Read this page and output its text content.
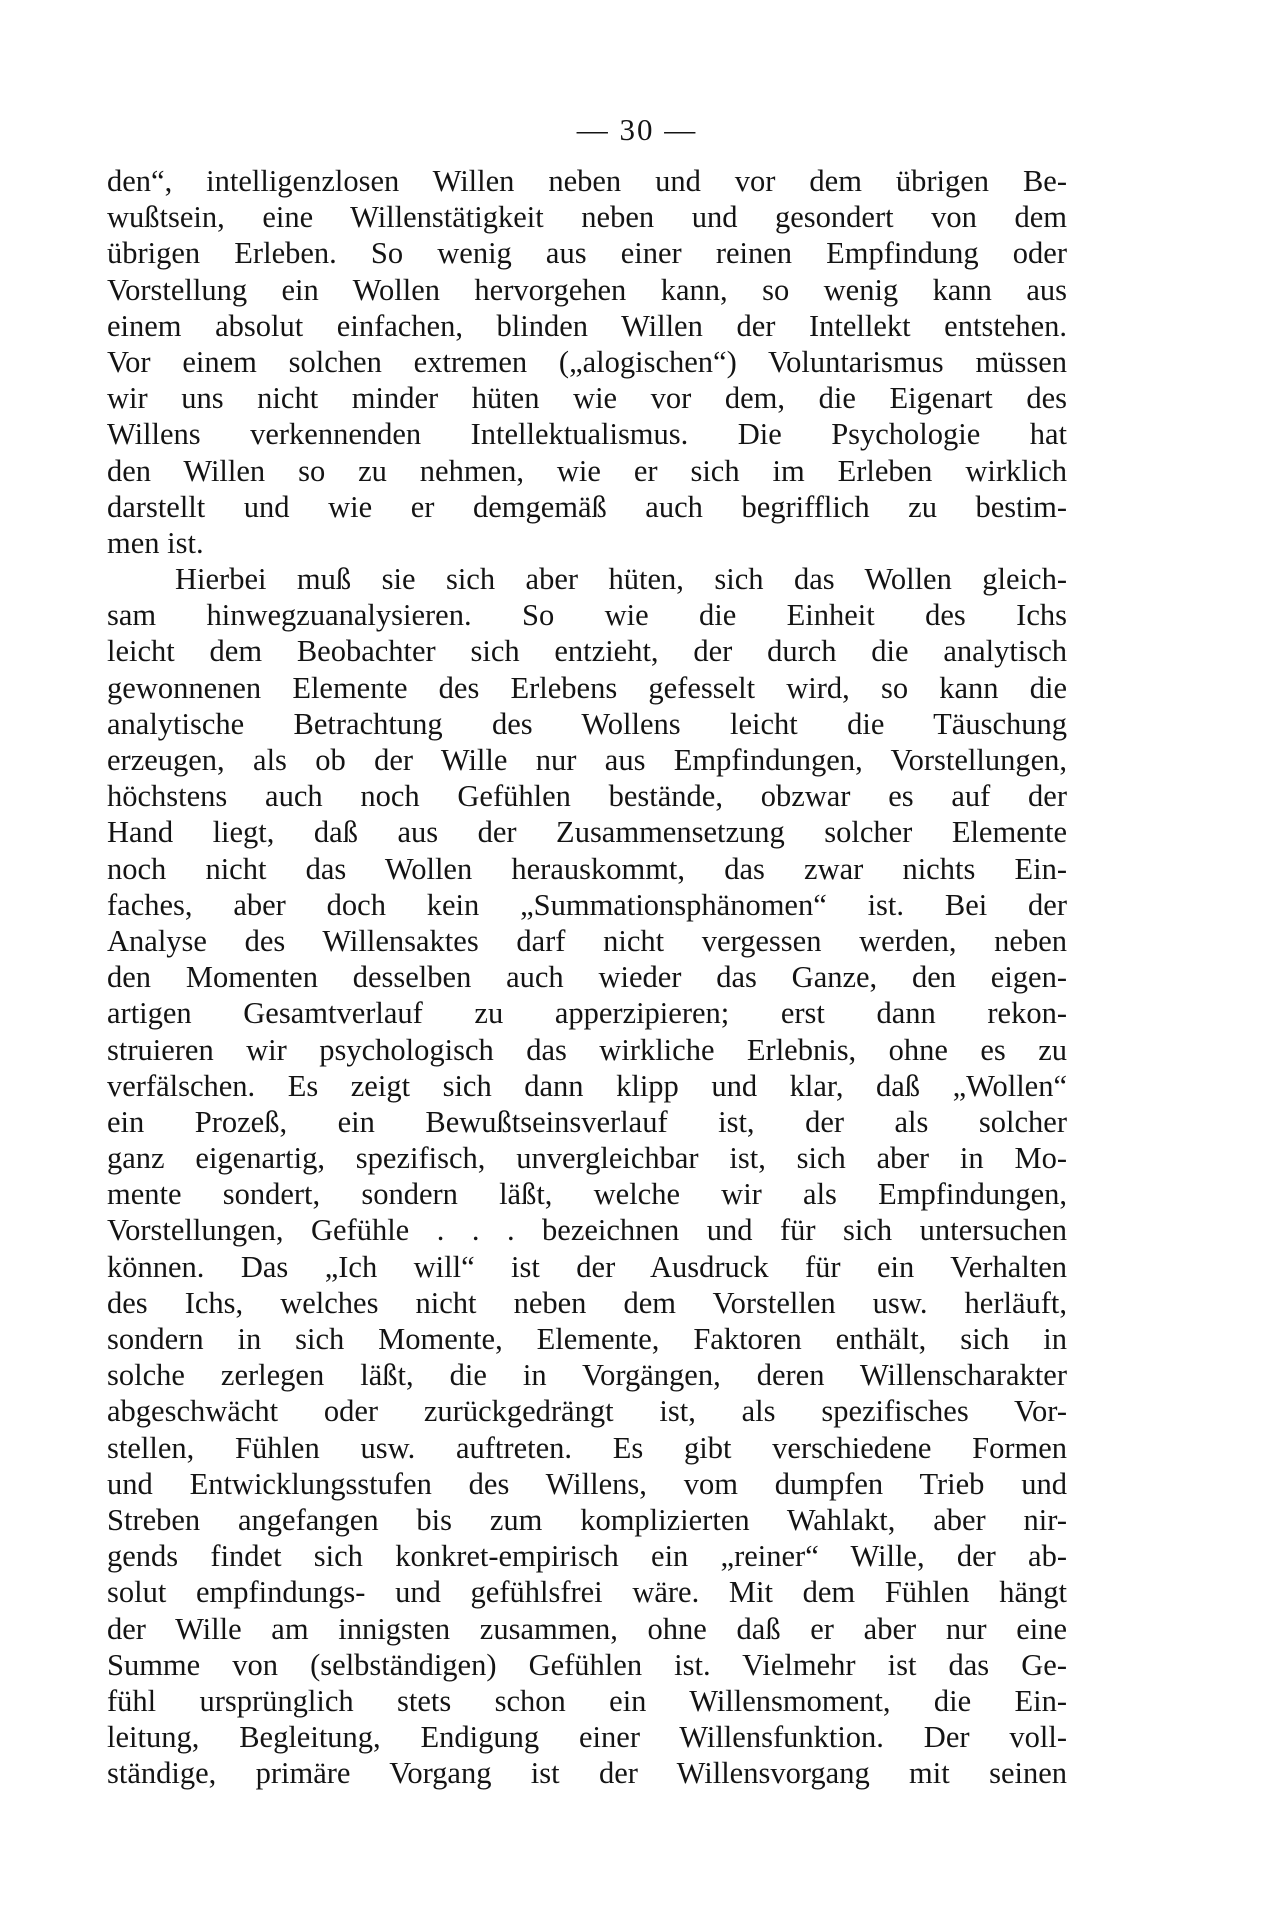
— 30 —
den“, intelligenzlosen Willen neben und vor dem übrigen Be-
wußtsein, eine Willenstätigkeit neben und gesondert von dem
übrigen Erleben. So wenig aus einer reinen Empfindung oder
Vorstellung ein Wollen hervorgehen kann, so wenig kann aus
einem absolut einfachen, blinden Willen der Intellekt entstehen.
Vor einem solchen extremen („alogischen“) Voluntarismus müssen
wir uns nicht minder hüten wie vor dem, die Eigenart des
Willens verkennenden Intellektualismus. Die Psychologie hat
den Willen so zu nehmen, wie er sich im Erleben wirklich
darstellt und wie er demgemäß auch begrifflich zu bestim-
men ist.
Hierbei muß sie sich aber hüten, sich das Wollen gleich-
sam hinwegzuanalysieren. So wie die Einheit des Ichs
leicht dem Beobachter sich entzieht, der durch die analytisch
gewonnenen Elemente des Erlebens gefesselt wird, so kann die
analytische Betrachtung des Wollens leicht die Täuschung
erzeugen, als ob der Wille nur aus Empfindungen, Vorstellungen,
höchstens auch noch Gefühlen bestände, obzwar es auf der
Hand liegt, daß aus der Zusammensetzung solcher Elemente
noch nicht das Wollen herauskommt, das zwar nichts Ein-
faches, aber doch kein „Summationsphänomen“ ist. Bei der
Analyse des Willensaktes darf nicht vergessen werden, neben
den Momenten desselben auch wieder das Ganze, den eigen-
artigen Gesamtverlauf zu apperzipieren; erst dann rekon-
struieren wir psychologisch das wirkliche Erlebnis, ohne es zu
verfälschen. Es zeigt sich dann klipp und klar, daß „Wollen“
ein Prozeß, ein Bewußtseinsverlauf ist, der als solcher
ganz eigenartig, spezifisch, unvergleichbar ist, sich aber in Mo-
mente sondert, sondern läßt, welche wir als Empfindungen,
Vorstellungen, Gefühle . . . bezeichnen und für sich untersuchen
können. Das „Ich will“ ist der Ausdruck für ein Verhalten
des Ichs, welches nicht neben dem Vorstellen usw. herläuft,
sondern in sich Momente, Elemente, Faktoren enthält, sich in
solche zerlegen läßt, die in Vorgängen, deren Willenscharakter
abgeschwächt oder zurückgedrängt ist, als spezifisches Vor-
stellen, Fühlen usw. auftreten. Es gibt verschiedene Formen
und Entwicklungsstufen des Willens, vom dumpfen Trieb und
Streben angefangen bis zum komplizierten Wahlakt, aber nir-
gends findet sich konkret-empirisch ein „reiner“ Wille, der ab-
solut empfindungs- und gefühlsfrei wäre. Mit dem Fühlen hängt
der Wille am innigsten zusammen, ohne daß er aber nur eine
Summe von (selbständigen) Gefühlen ist. Vielmehr ist das Ge-
fühl ursprünglich stets schon ein Willensmoment, die Ein-
leitung, Begleitung, Endigung einer Willensfunktion. Der voll-
ständige, primäre Vorgang ist der Willensvorgang mit seinen
